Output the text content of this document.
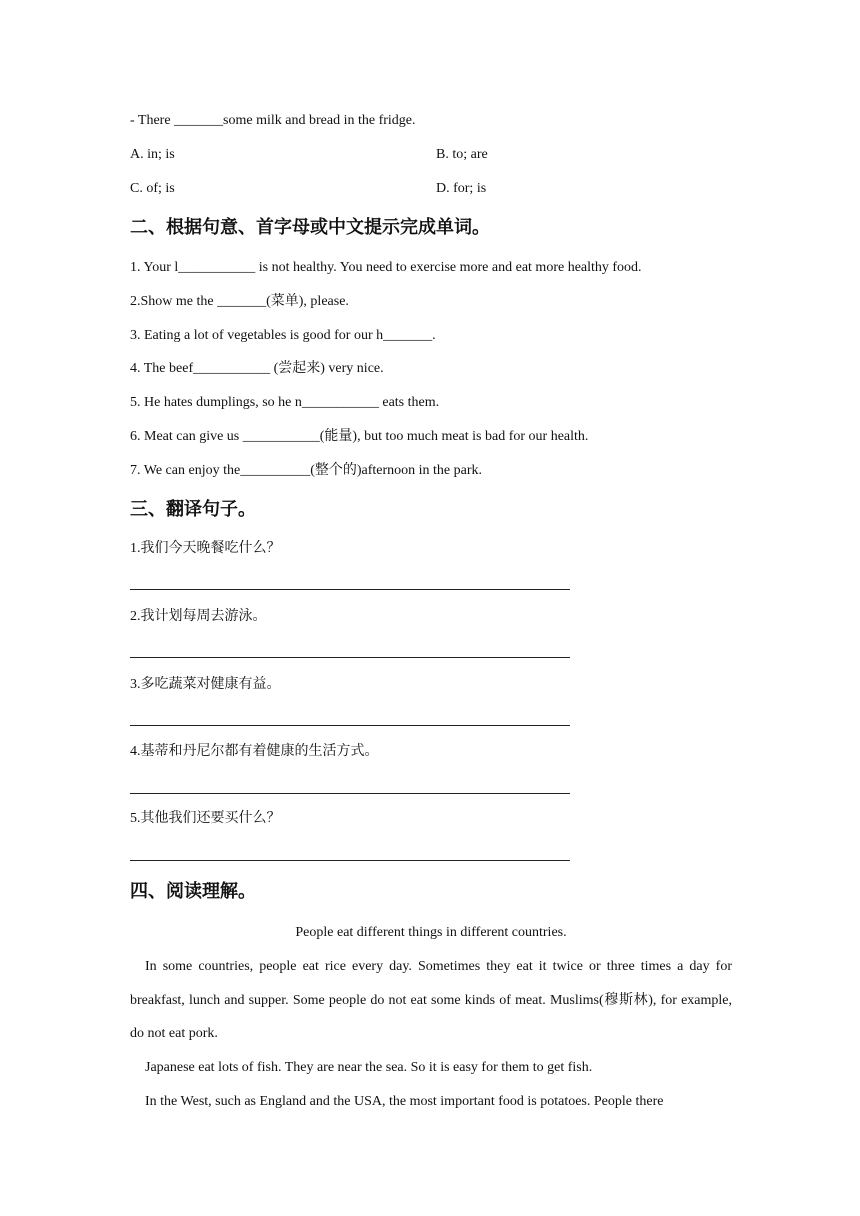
- There _______some milk and bread in the fridge.
A. in; is	B. to; are
C. of; is	D. for; is
二、根据句意、首字母或中文提示完成单词。
1. Your l___________ is not healthy. You need to exercise more and eat more healthy food.
2.Show me the _______(菜单), please.
3. Eating a lot of vegetables is good for our h_______.
4. The beef___________ (尝起来) very nice.
5. He hates dumplings, so he n___________ eats them.
6. Meat can give us ___________(能量), but too much meat is bad for our health.
7. We can enjoy the__________(整个的)afternoon in the park.
三、翻译句子。
1.我们今天晚餐吃什么？
2.我计划每周去游泳。
3.多吃蔬菜对健康有益。
4.基蒂和丹尼尔都有着健康的生活方式。
5.其他我们还要买什么？
四、阅读理解。
People eat different things in different countries.
In some countries, people eat rice every day. Sometimes they eat it twice or three times a day for breakfast, lunch and supper. Some people do not eat some kinds of meat. Muslims(穆斯林), for example, do not eat pork.
Japanese eat lots of fish. They are near the sea. So it is easy for them to get fish.
In the West, such as England and the USA, the most important food is potatoes. People there
